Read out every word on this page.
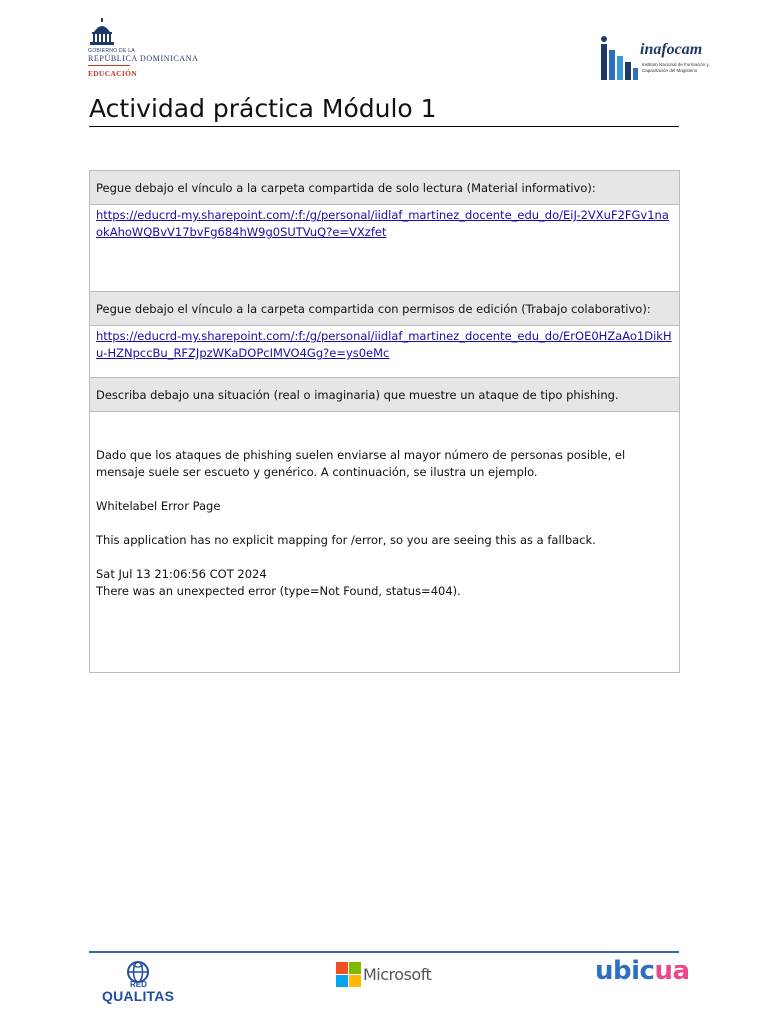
GOBIERNO DE LA
REPÚBLICA DOMINICANA
EDUCACIÓN
inafocam
Instituto Nacional de Formación y Capacitación del Magisterio
Actividad práctica Módulo 1
Pegue debajo el vínculo a la carpeta compartida de solo lectura (Material informativo):

https://educrd-my.sharepoint.com/:f:/g/personal/iidlaf_martinez_docente_edu_do/EiJ-2VXuF2FGv1naokAhoWQBvV17bvFg684hW9g0SUTVuQ?e=VXzfet

Pegue debajo el vínculo a la carpeta compartida con permisos de edición (Trabajo colaborativo):

https://educrd-my.sharepoint.com/:f:/g/personal/iidlaf_martinez_docente_edu_do/ErOE0HZaAo1DikHu-HZNpccBu_RFZJpzWKaDOPcIMVO4Gg?e=ys0eMc

Describa debajo una situación (real o imaginaria) que muestre un ataque de tipo phishing.

Dado que los ataques de phishing suelen enviarse al mayor número de personas posible, el mensaje suele ser escueto y genérico. A continuación, se ilustra un ejemplo.

Whitelabel Error Page

This application has no explicit mapping for /error, so you are seeing this as a fallback.

Sat Jul 13 21:06:56 COT 2024

There was an unexpected error (type=Not Found, status=404).

RED
QUALITAS
Microsoft	ubicua
